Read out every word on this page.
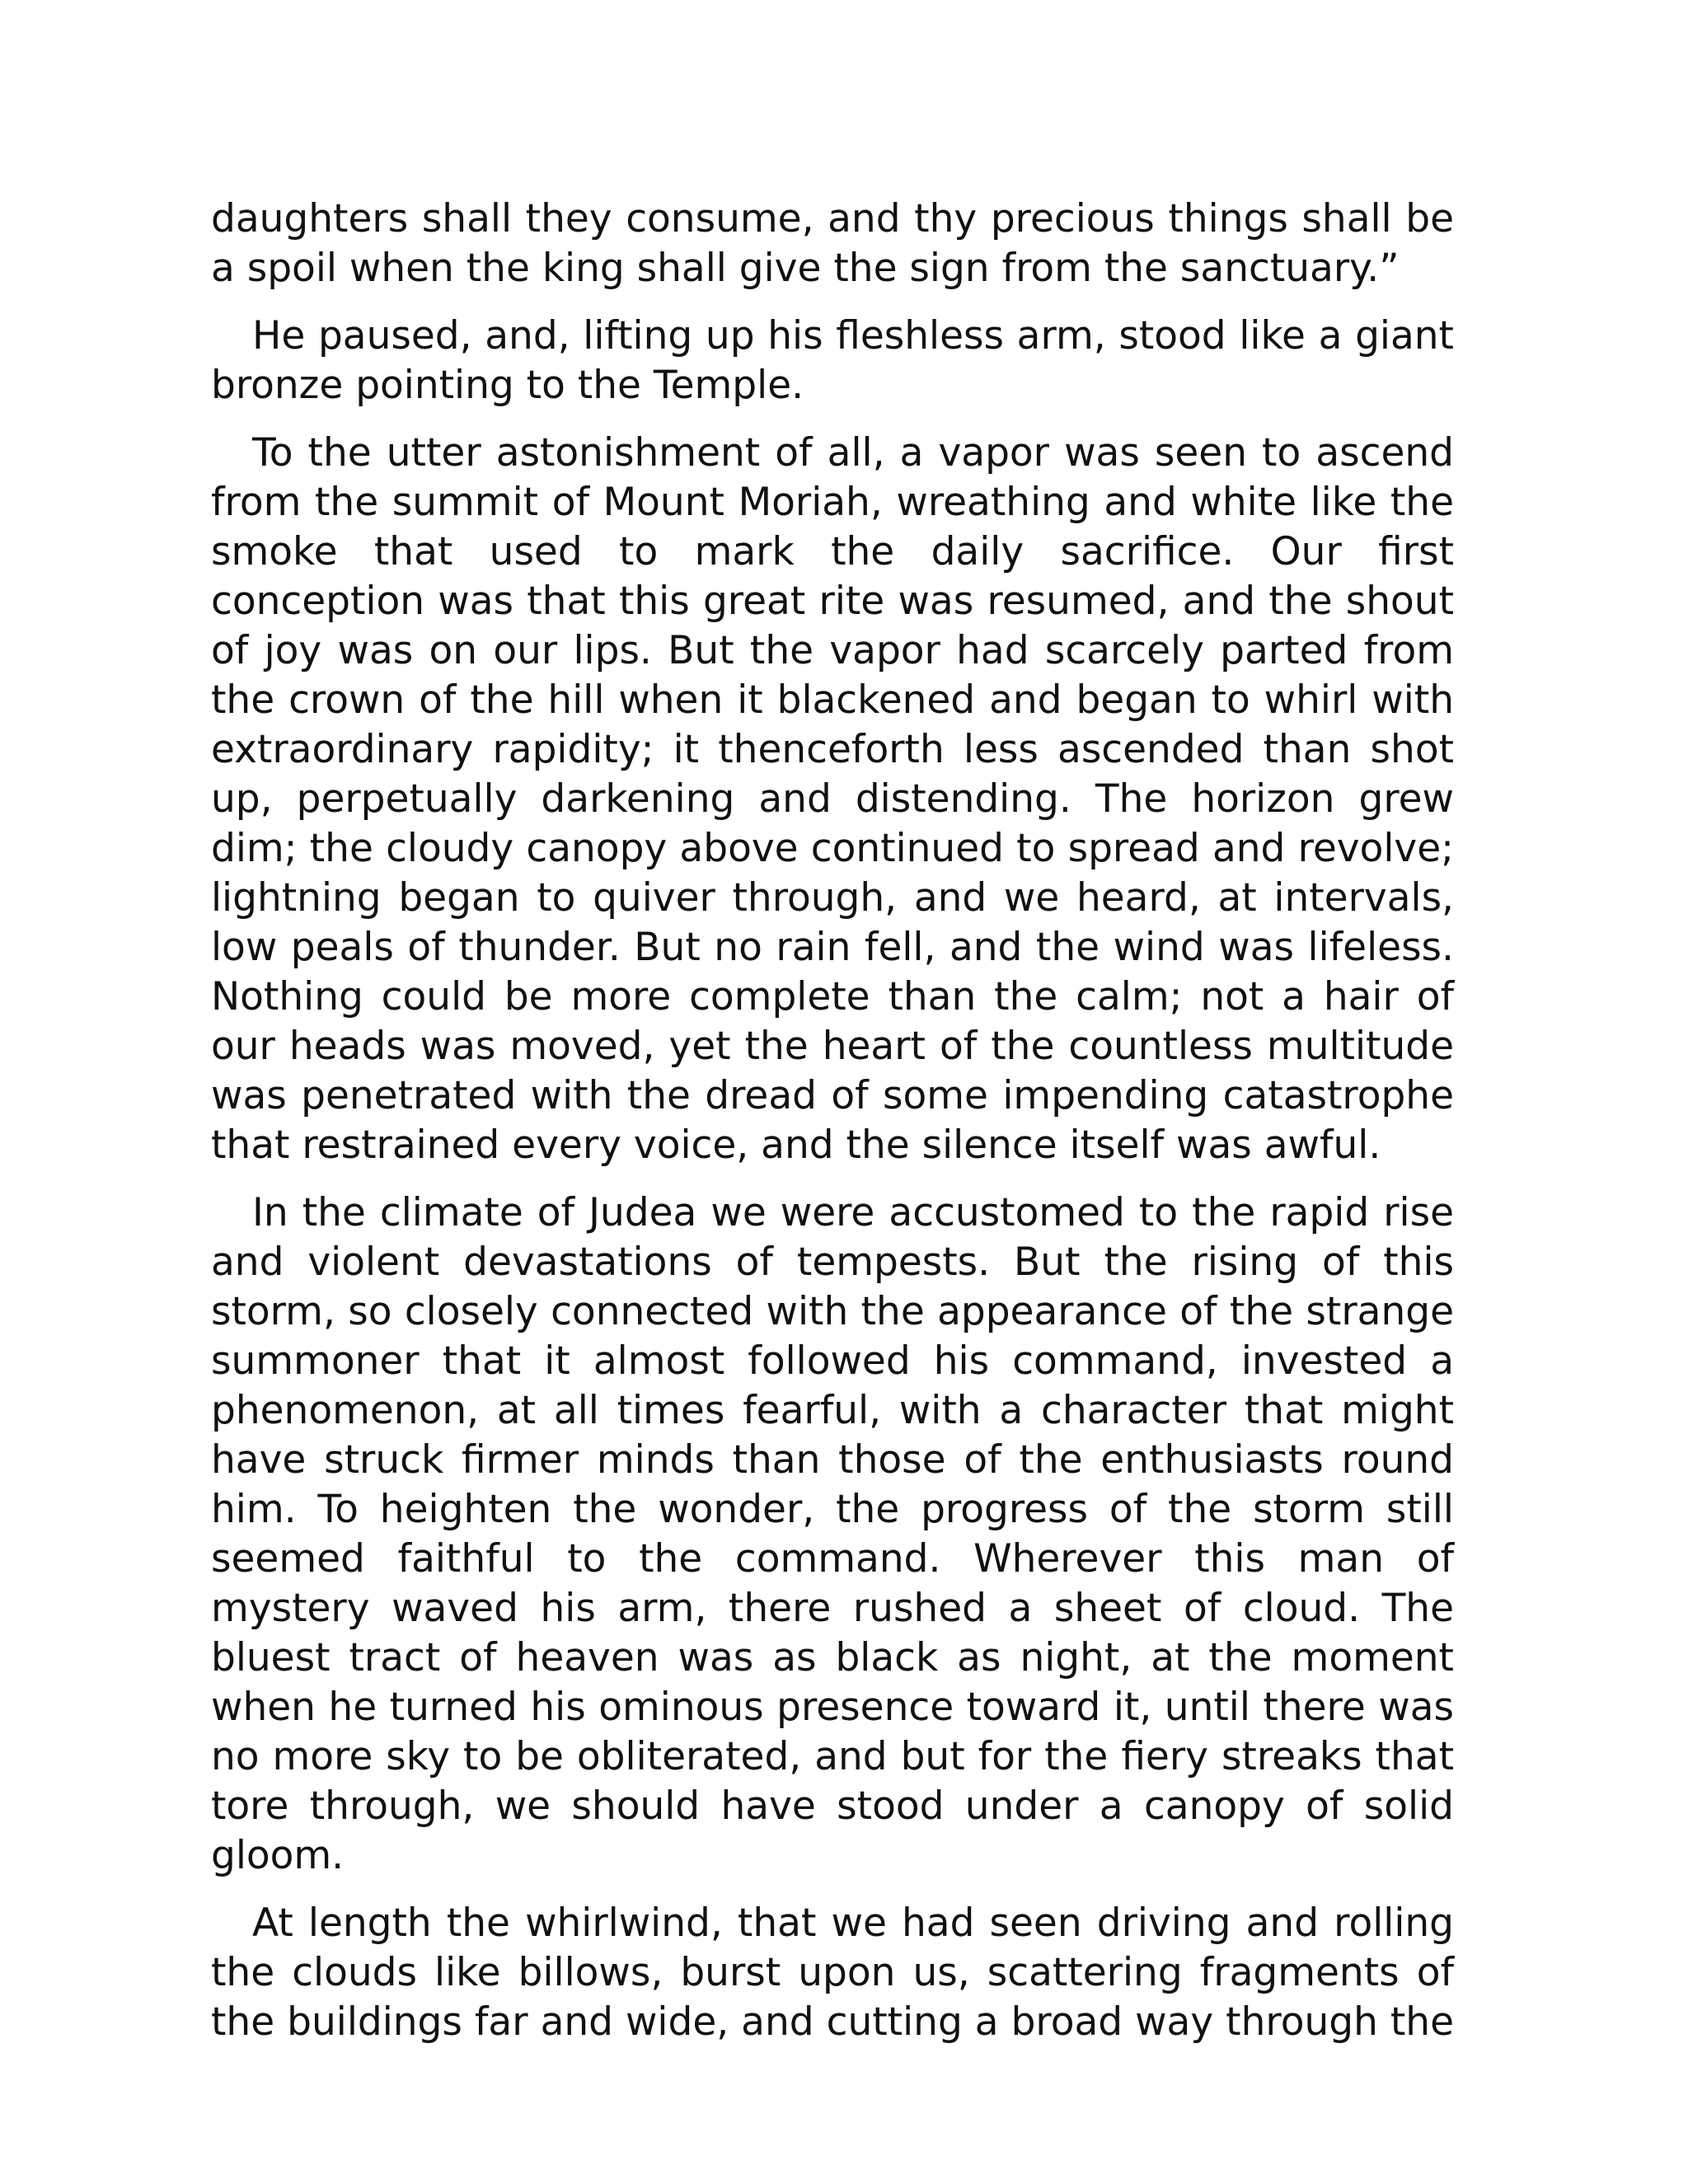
daughters shall they consume, and thy precious things shall be a spoil when the king shall give the sign from the sanctuary.”

He paused, and, lifting up his fleshless arm, stood like a giant bronze pointing to the Temple.

To the utter astonishment of all, a vapor was seen to ascend from the summit of Mount Moriah, wreathing and white like the smoke that used to mark the daily sacrifice. Our first conception was that this great rite was resumed, and the shout of joy was on our lips. But the vapor had scarcely parted from the crown of the hill when it blackened and began to whirl with extraordinary rapidity; it thenceforth less ascended than shot up, perpetually darkening and distending. The horizon grew dim; the cloudy canopy above continued to spread and revolve; lightning began to quiver through, and we heard, at intervals, low peals of thunder. But no rain fell, and the wind was lifeless. Nothing could be more complete than the calm; not a hair of our heads was moved, yet the heart of the countless multitude was penetrated with the dread of some impending catastrophe that restrained every voice, and the silence itself was awful.

In the climate of Judea we were accustomed to the rapid rise and violent devastations of tempests. But the rising of this storm, so closely connected with the appearance of the strange summoner that it almost followed his command, invested a phenomenon, at all times fearful, with a character that might have struck firmer minds than those of the enthusiasts round him. To heighten the wonder, the progress of the storm still seemed faithful to the command. Wherever this man of mystery waved his arm, there rushed a sheet of cloud. The bluest tract of heaven was as black as night, at the moment when he turned his ominous presence toward it, until there was no more sky to be obliterated, and but for the fiery streaks that tore through, we should have stood under a canopy of solid gloom.

At length the whirlwind, that we had seen driving and rolling the clouds like billows, burst upon us, scattering fragments of the buildings far and wide, and cutting a broad way through the
